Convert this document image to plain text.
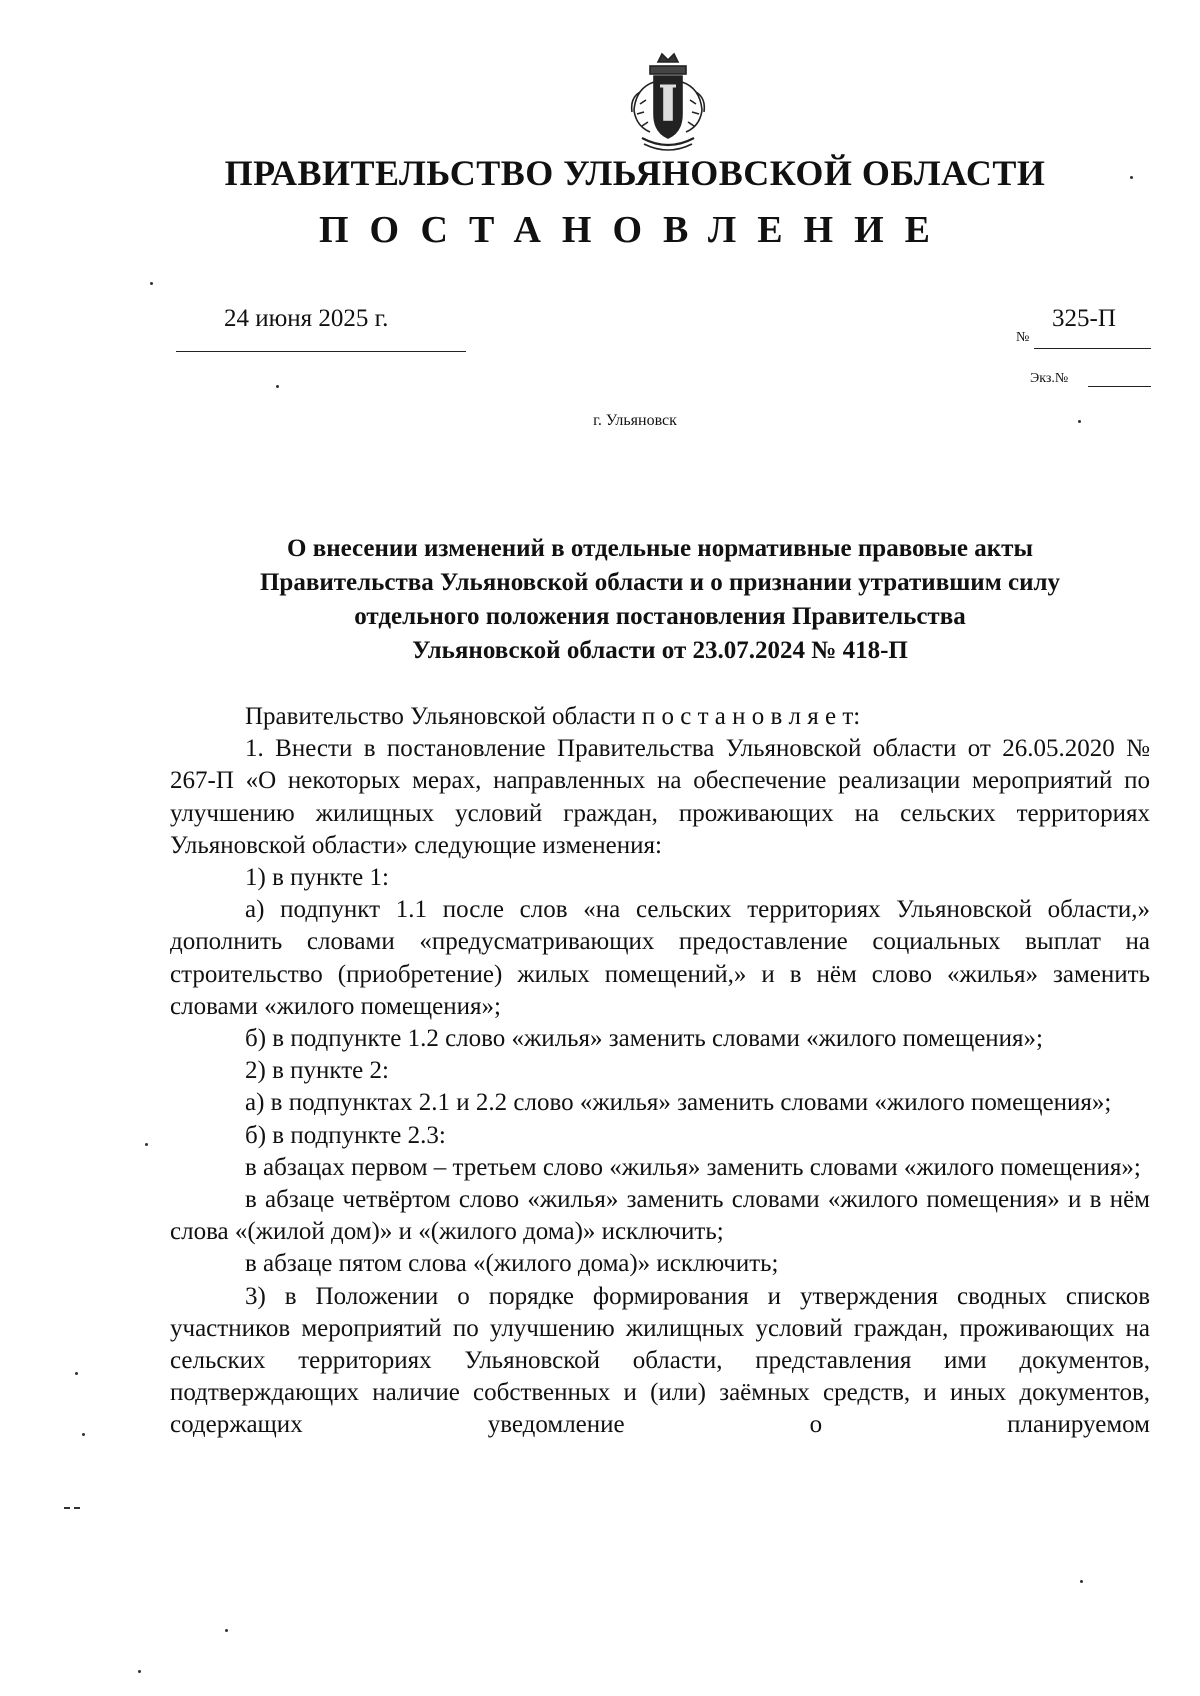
ПРАВИТЕЛЬСТВО УЛЬЯНОВСКОЙ ОБЛАСТИ
ПОСТАНОВЛЕНИЕ
24 июня 2025 г.
№
325-П
Экз.№
г. Ульяновск
О внесении изменений в отдельные нормативные правовые акты
Правительства Ульяновской области и о признании утратившим силу
отдельного положения постановления Правительства
Ульяновской области от 23.07.2024 № 418-П

Правительство Ульяновской области п о с т а н о в л я е т:

1. Внести в постановление Правительства Ульяновской области от 26.05.2020 № 267-П «О некоторых мерах, направленных на обеспечение реализации мероприятий по улучшению жилищных условий граждан, проживающих на сельских территориях Ульяновской области» следующие изменения:

1) в пункте 1:

а) подпункт 1.1 после слов «на сельских территориях Ульяновской области,» дополнить словами «предусматривающих предоставление социальных выплат на строительство (приобретение) жилых помещений,» и в нём слово «жилья» заменить словами «жилого помещения»;

б) в подпункте 1.2 слово «жилья» заменить словами «жилого помещения»;

2) в пункте 2:

а) в подпунктах 2.1 и 2.2 слово «жилья» заменить словами «жилого помещения»;

б) в подпункте 2.3:

в абзацах первом – третьем слово «жилья» заменить словами «жилого помещения»;

в абзаце четвёртом слово «жилья» заменить словами «жилого помещения» и в нём слова «(жилой дом)» и «(жилого дома)» исключить;

в абзаце пятом слова «(жилого дома)» исключить;

3) в Положении о порядке формирования и утверждения сводных списков участников мероприятий по улучшению жилищных условий граждан, проживающих на сельских территориях Ульяновской области, представления ими документов, подтверждающих наличие собственных и (или) заёмных средств, и иных документов, содержащих уведомление о планируемом
